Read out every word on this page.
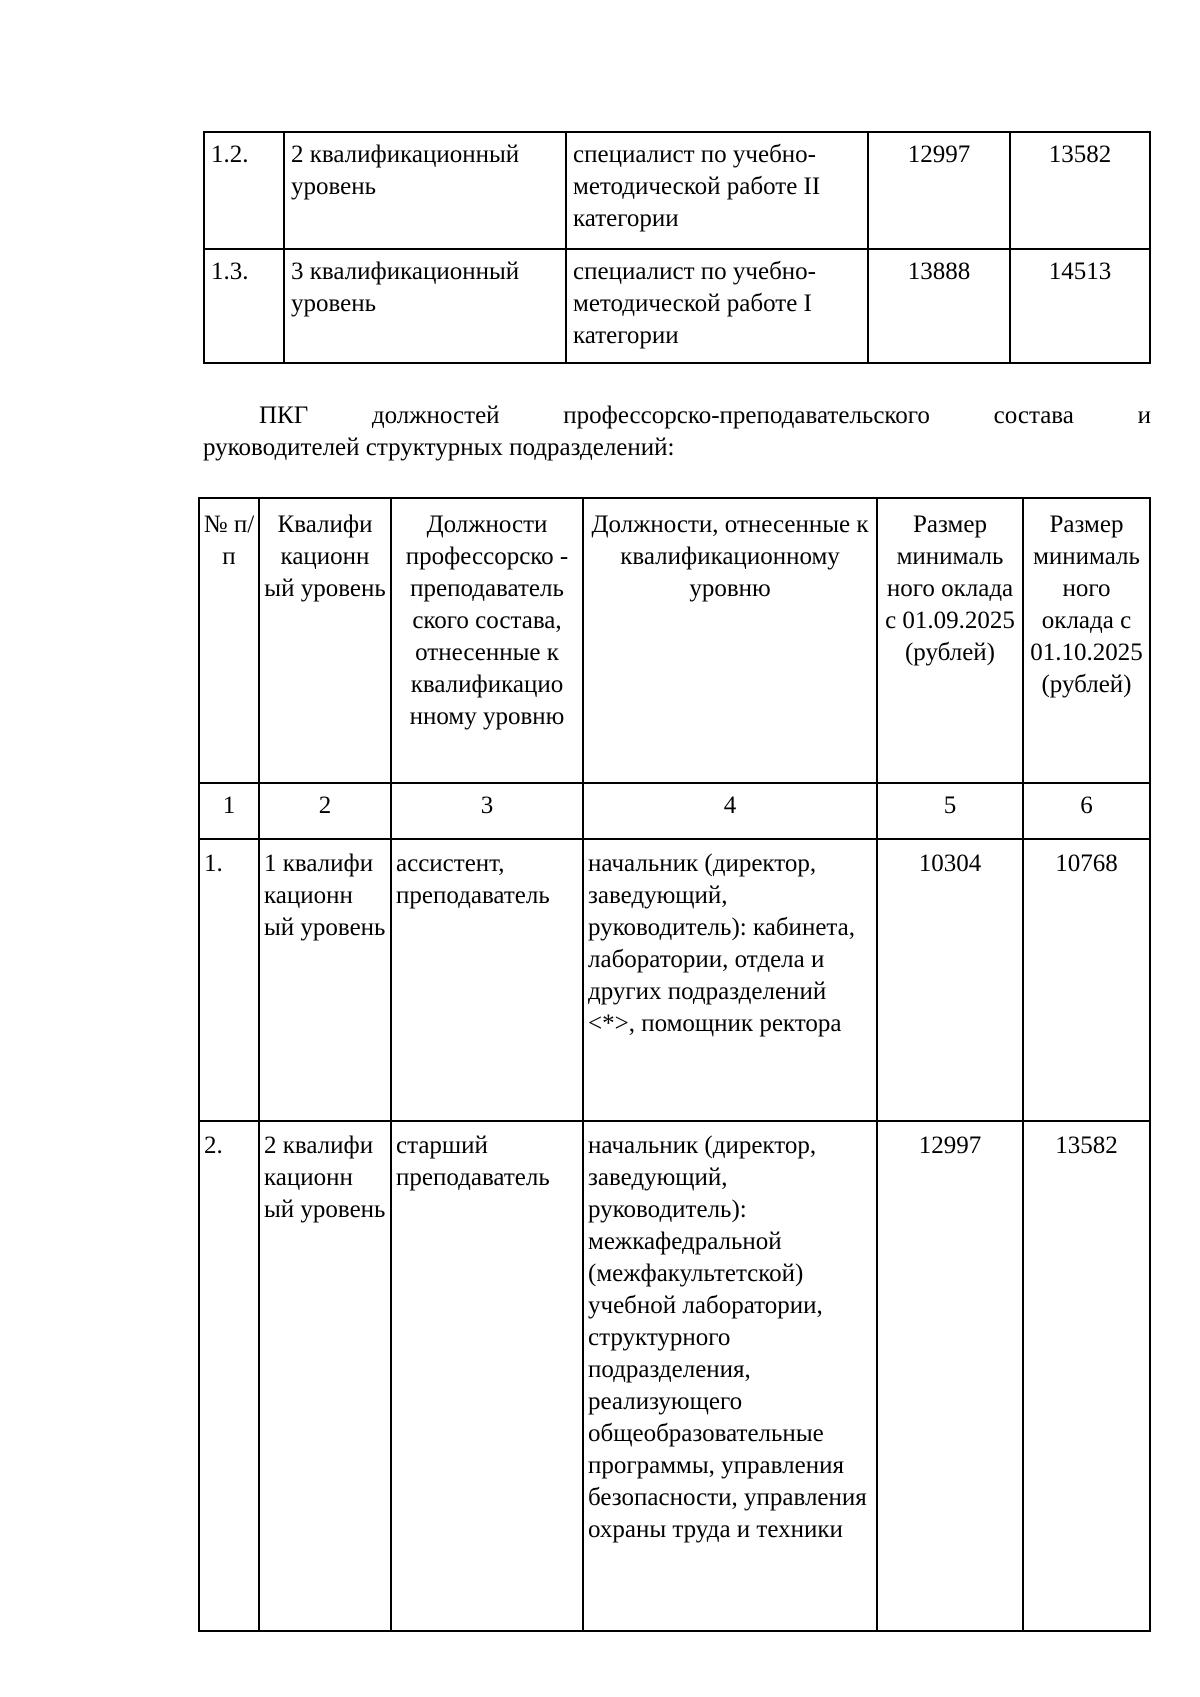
1.2.	2 квалификационный уровень	специалист по учебно-методической работе II категории	12997	13582
1.3.	3 квалификационный уровень	специалист по учебно-методической работе I категории	13888	14513
ПКГ	должностей	профессорско-преподавательского	состава	и
руководителей структурных подразделений:
№ п/п	Квалифи кационн ый уровень	Должности профессорско - преподаватель ского состава, отнесенные к квалификацио нному уровню	Должности, отнесенные к квалификационному уровню	Размер минималь ного оклада с 01.09.2025 (рублей)	Размер минималь ного оклада с 01.10.2025 (рублей)
1	2	3	4	5	6
1.	1 квалифи кационн ый уровень	ассистент, преподаватель	начальник (директор, заведующий, руководитель): кабинета, лаборатории, отдела и других подразделений <*>, помощник ректора	10304	10768
2.	2 квалифи кационн ый уровень	старший преподаватель	начальник (директор, заведующий, руководитель): межкафедральной (межфакультетской) учебной лаборатории, структурного подразделения, реализующего общеобразовательные программы, управления безопасности, управления охраны труда и техники	12997	13582
